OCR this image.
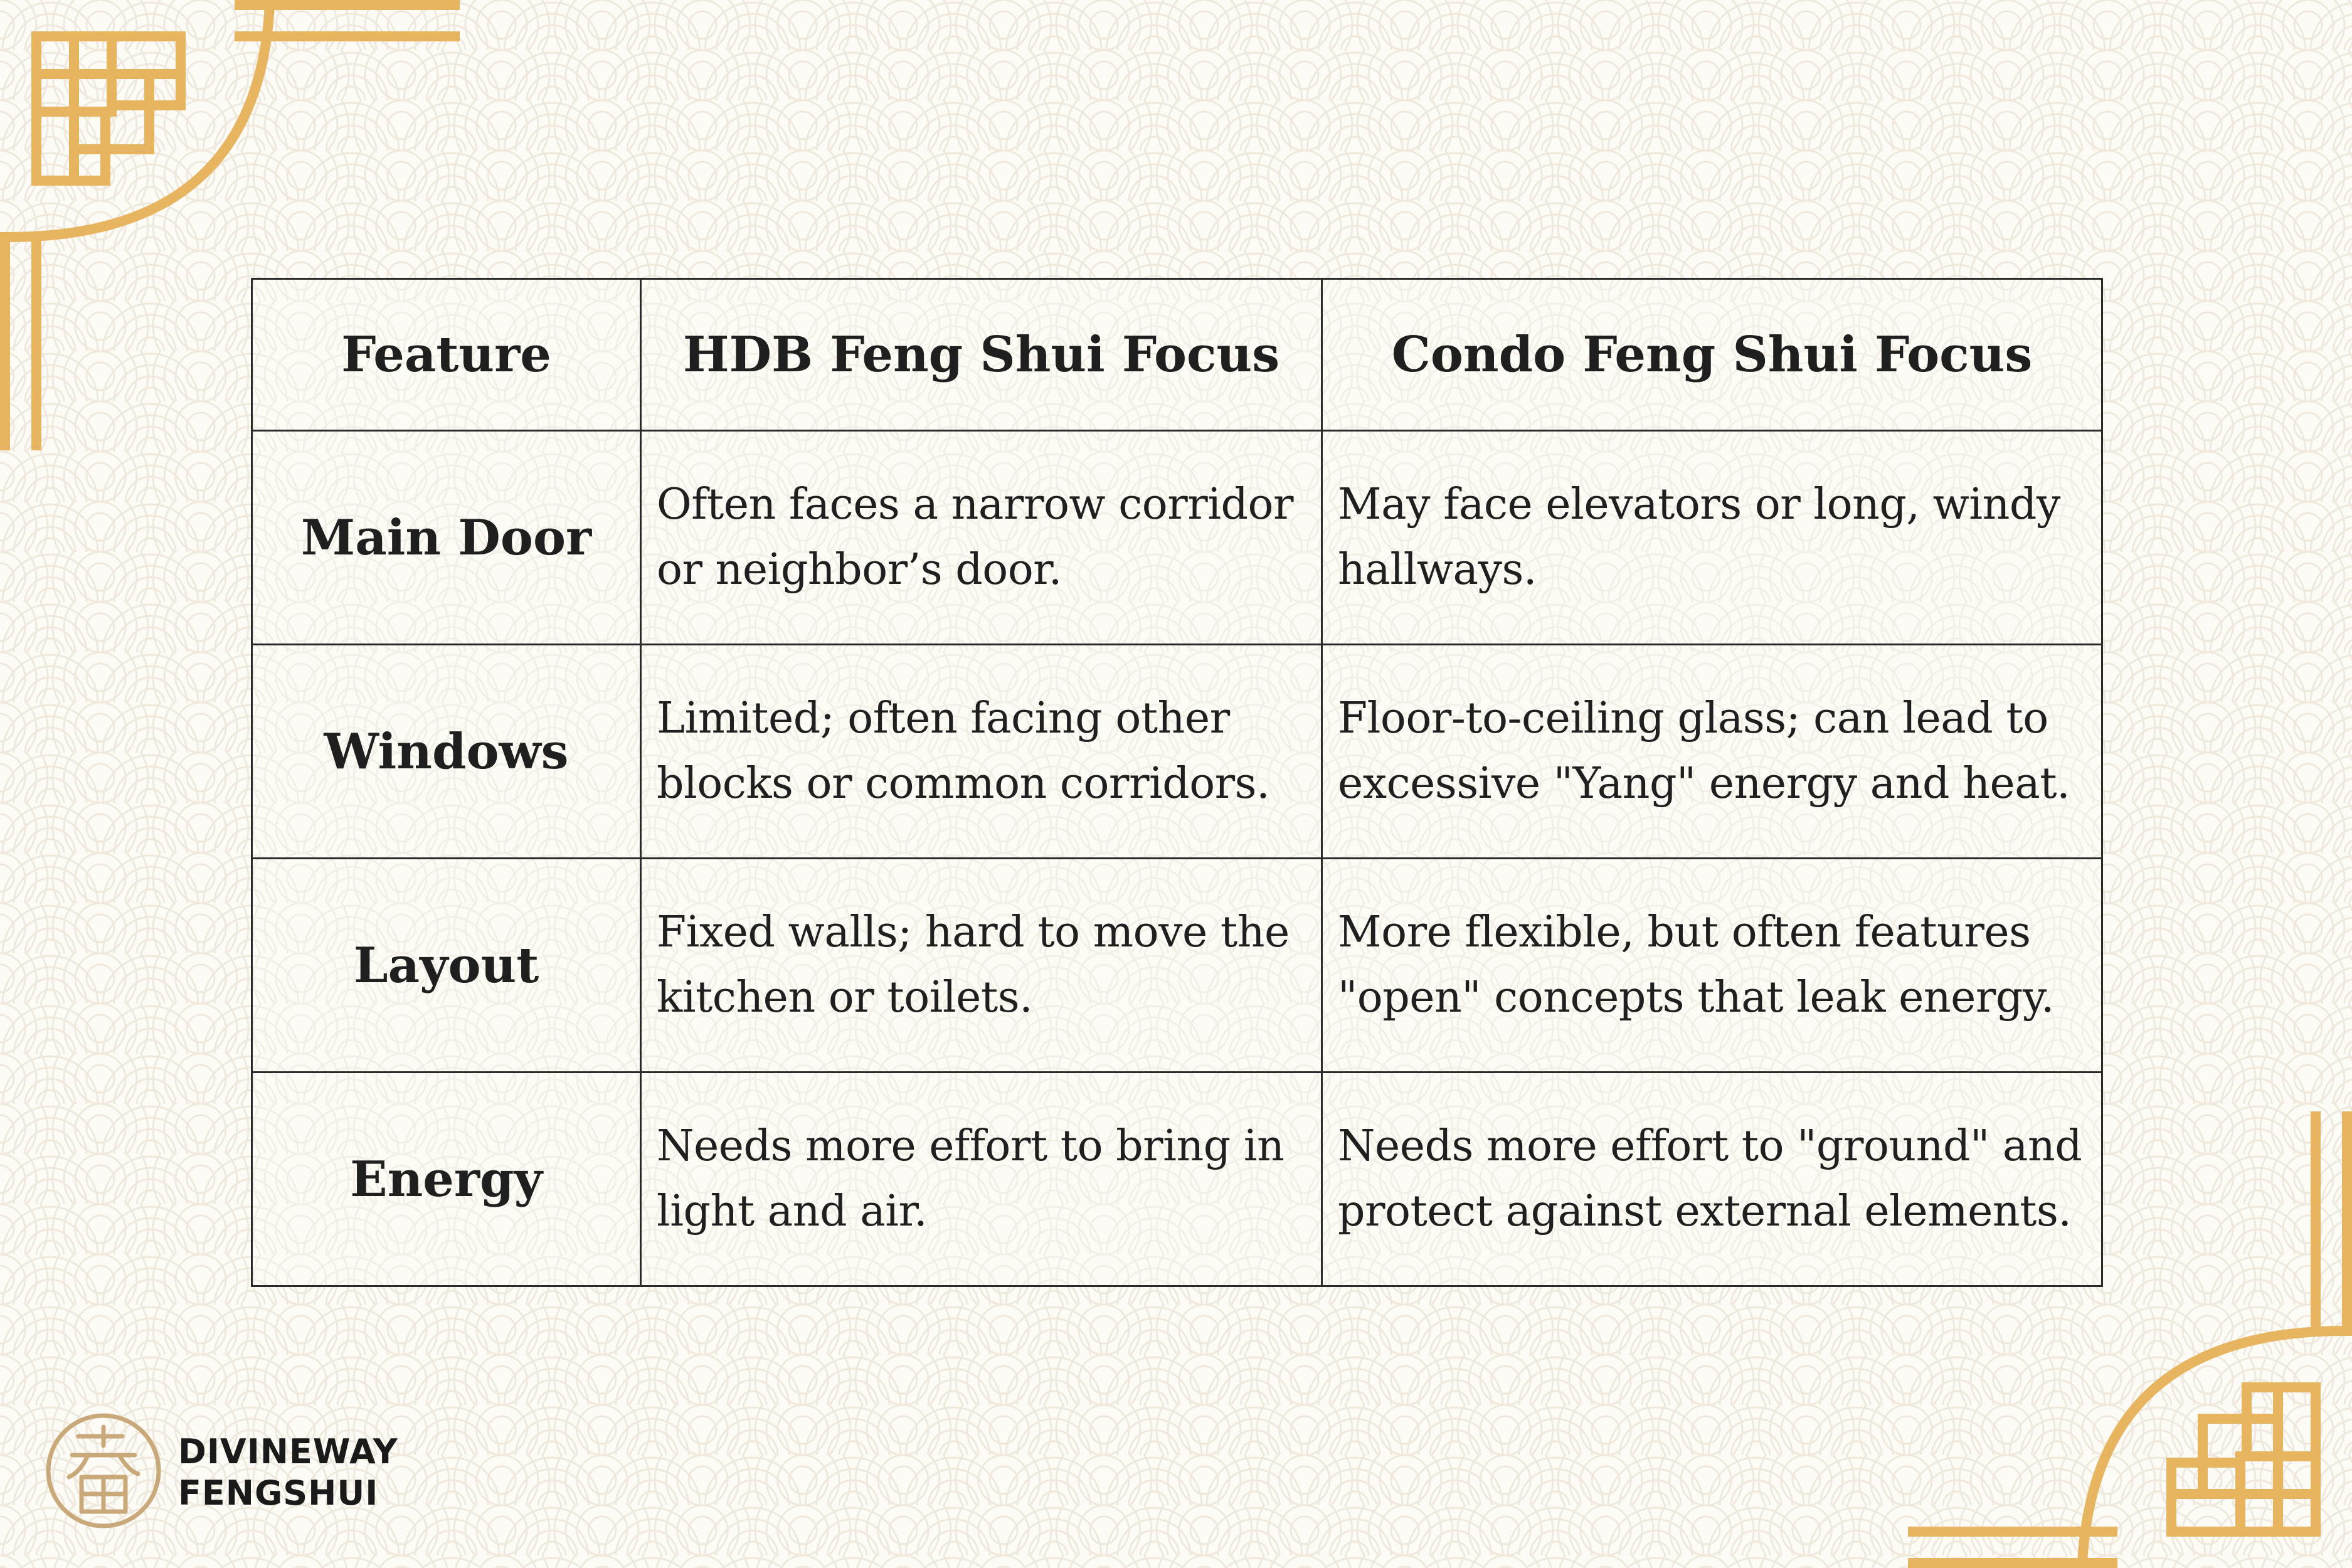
Feature	HDB Feng Shui Focus	Condo Feng Shui Focus
Main Door	Often faces a narrow corridor or neighbor’s door.	May face elevators or long, windy hallways.
Windows	Limited; often facing other blocks or common corridors.	Floor-to-ceiling glass; can lead to excessive "Yang" energy and heat.
Layout	Fixed walls; hard to move the kitchen or toilets.	More flexible, but often features "open" concepts that leak energy.
Energy	Needs more effort to bring in light and air.	Needs more effort to "ground" and protect against external elements.
DIVINEWAY
FENGSHUI
